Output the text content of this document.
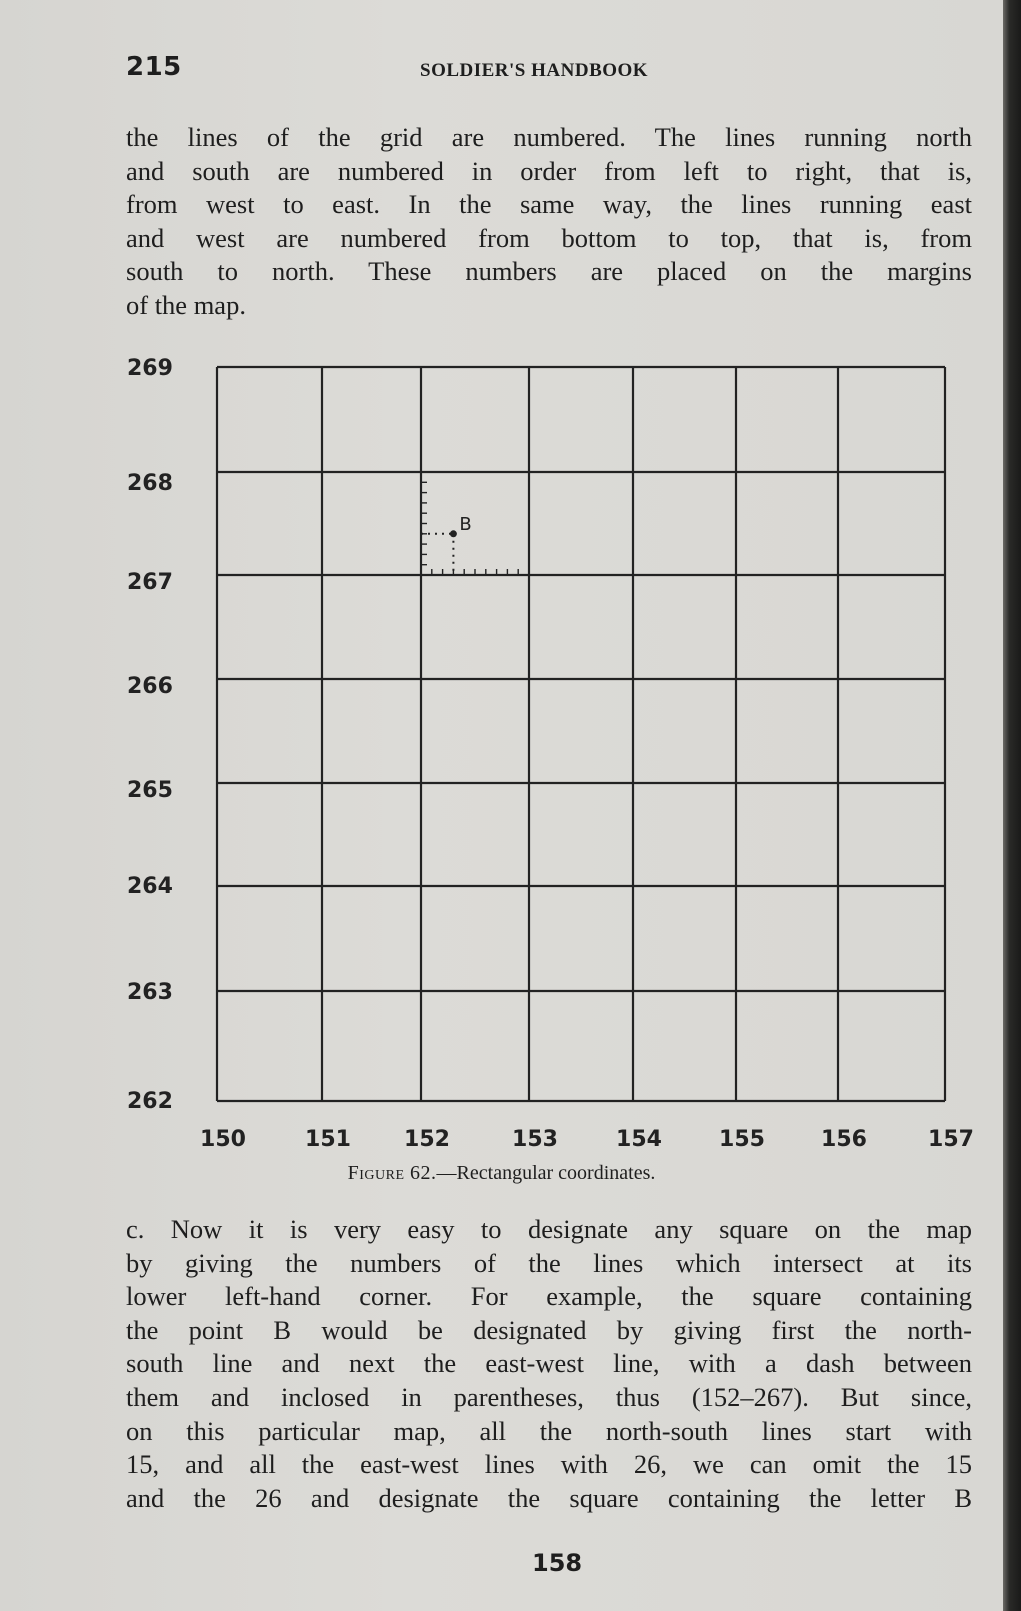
215	SOLDIER'S HANDBOOK
the lines of the grid are numbered. The lines running north
and south are numbered in order from left to right, that is,
from west to east. In the same way, the lines running east
and west are numbered from bottom to top, that is, from
south to north. These numbers are placed on the margins
of the map.
269
268
267
266
265
264
263
262
150	151 152	153	154	155	156	157
B
Figure 62.—Rectangular coordinates.
c. Now it is very easy to designate any square on the map
by giving the numbers of the lines which intersect at its
lower left-hand corner. For example, the square containing
the point B would be designated by giving first the north-
south line and next the east-west line, with a dash between
them and inclosed in parentheses, thus (152–267). But since,
on this particular map, all the north-south lines start with
15, and all the east-west lines with 26, we can omit the 15
and the 26 and designate the square containing the letter B
158
